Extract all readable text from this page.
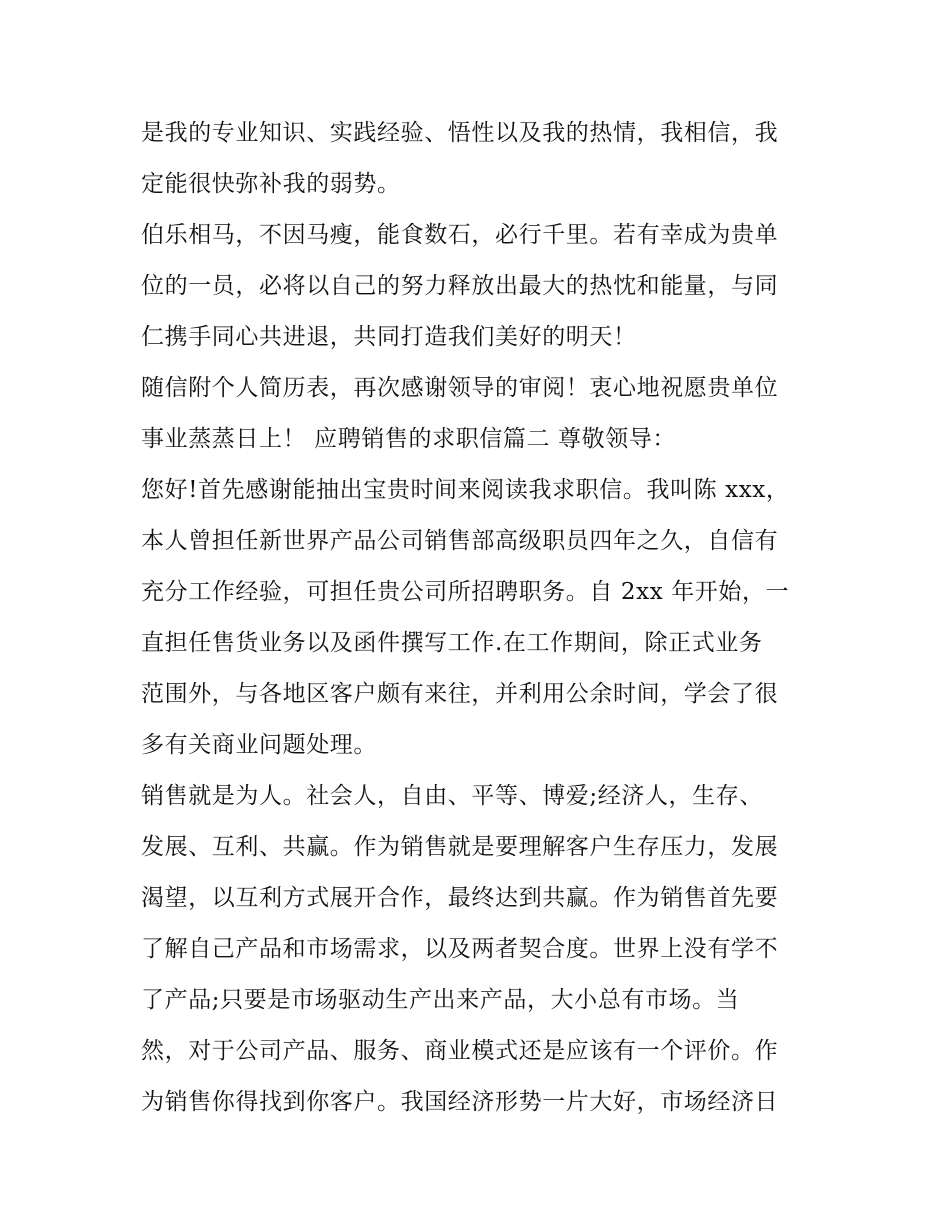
是我的专业知识、实践经验、悟性以及我的热情，我相信，我
定能很快弥补我的弱势。
伯乐相马，不因马瘦，能食数石，必行千里。若有幸成为贵单
位的一员，必将以自己的努力释放出最大的热忱和能量，与同
仁携手同心共进退，共同打造我们美好的明天！
随信附个人简历表，再次感谢领导的审阅！衷心地祝愿贵单位
事业蒸蒸日上！ 应聘销售的求职信篇二 尊敬领导：
您好!首先感谢能抽出宝贵时间来阅读我求职信。我叫陈 xxx，
本人曾担任新世界产品公司销售部高级职员四年之久，自信有
充分工作经验，可担任贵公司所招聘职务。自 2xx 年开始，一
直担任售货业务以及函件撰写工作.在工作期间，除正式业务
范围外，与各地区客户颇有来往，并利用公余时间，学会了很
多有关商业问题处理。
销售就是为人。社会人，自由、平等、博爱;经济人，生存、
发展、互利、共赢。作为销售就是要理解客户生存压力，发展
渴望，以互利方式展开合作，最终达到共赢。作为销售首先要
了解自己产品和市场需求，以及两者契合度。世界上没有学不
了产品;只要是市场驱动生产出来产品，大小总有市场。当
然，对于公司产品、服务、商业模式还是应该有一个评价。作
为销售你得找到你客户。我国经济形势一片大好，市场经济日
